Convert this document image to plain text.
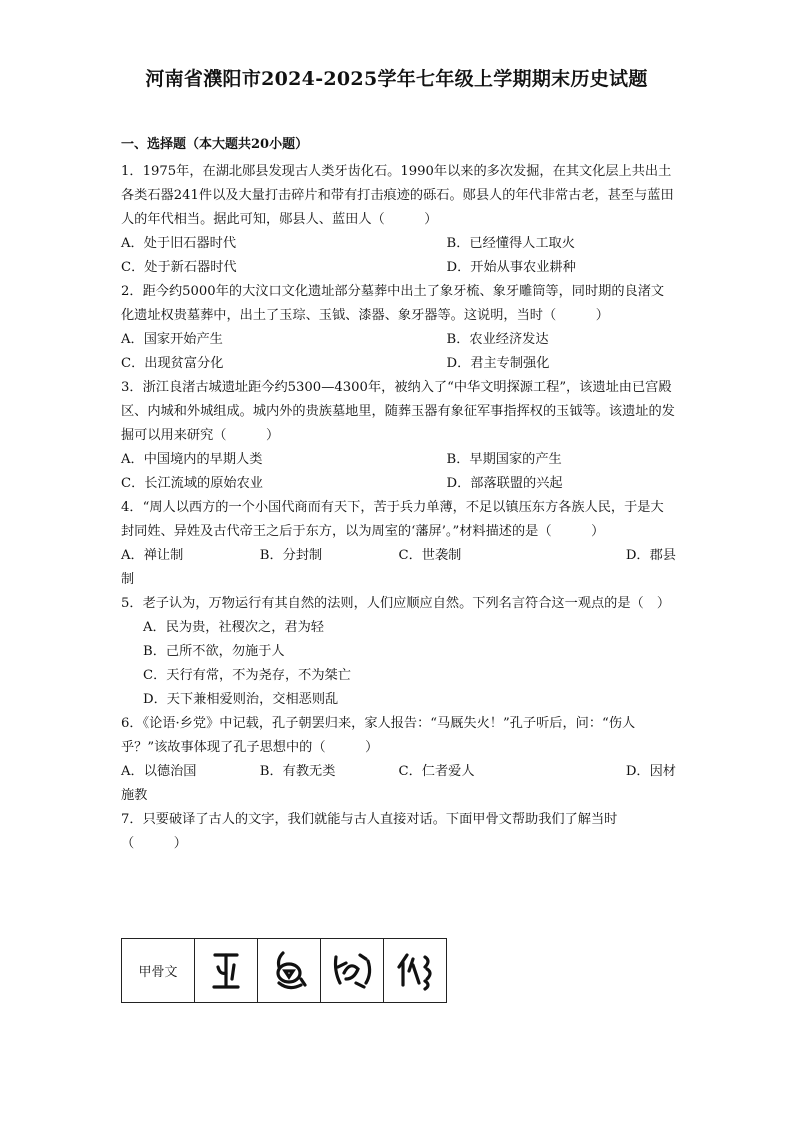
河南省濮阳市2024-2025学年七年级上学期期末历史试题
一、选择题（本大题共20小题）

1．1975年，在湖北郧县发现古人类牙齿化石。1990年以来的多次发掘，在其文化层上共出土各类石器241件以及大量打击碎片和带有打击痕迹的砾石。郧县人的年代非常古老，甚至与蓝田人的年代相当。据此可知，郧县人、蓝田人（　　　）

A．处于旧石器时代	B．已经懂得人工取火
C．处于新石器时代	D．开始从事农业耕种

2．距今约5000年的大汶口文化遗址部分墓葬中出土了象牙梳、象牙雕筒等，同时期的良渚文化遗址权贵墓葬中，出土了玉琮、玉钺、漆器、象牙器等。这说明，当时（　　　）

A．国家开始产生	B．农业经济发达
C．出现贫富分化	D．君主专制强化

3．浙江良渚古城遗址距今约5300—4300年，被纳入了“中华文明探源工程”，该遗址由已宫殿区、内城和外城组成。城内外的贵族墓地里，随葬玉器有象征军事指挥权的玉钺等。该遗址的发掘可以用来研究（　　　）

A．中国境内的早期人类	B．早期国家的产生
C．长江流域的原始农业	D．部落联盟的兴起

4．“周人以西方的一个小国代商而有天下，苦于兵力单薄，不足以镇压东方各族人民，于是大封同姓、异姓及古代帝王之后于东方，以为周室的‘藩屏’。”材料描述的是（　　　）

A．禅让制	B．分封制	C．世袭制	D．郡县

制

5．老子认为，万物运行有其自然的法则，人们应顺应自然。下列名言符合这一观点的是（　）

A．民为贵，社稷次之，君为轻
B．己所不欲，勿施于人
C．天行有常，不为尧存，不为桀亡
D．天下兼相爱则治，交相恶则乱

6．《论语·乡党》中记载，孔子朝罢归来，家人报告：“马厩失火！”孔子听后，问：“伤人乎？”该故事体现了孔子思想中的（　　　）

A．以德治国	B．有教无类	C．仁者爱人	D．因材

施教

7．只要破译了古人的文字，我们就能与古人直接对话。下面甲骨文帮助我们了解当时（　　　）

甲骨文	
